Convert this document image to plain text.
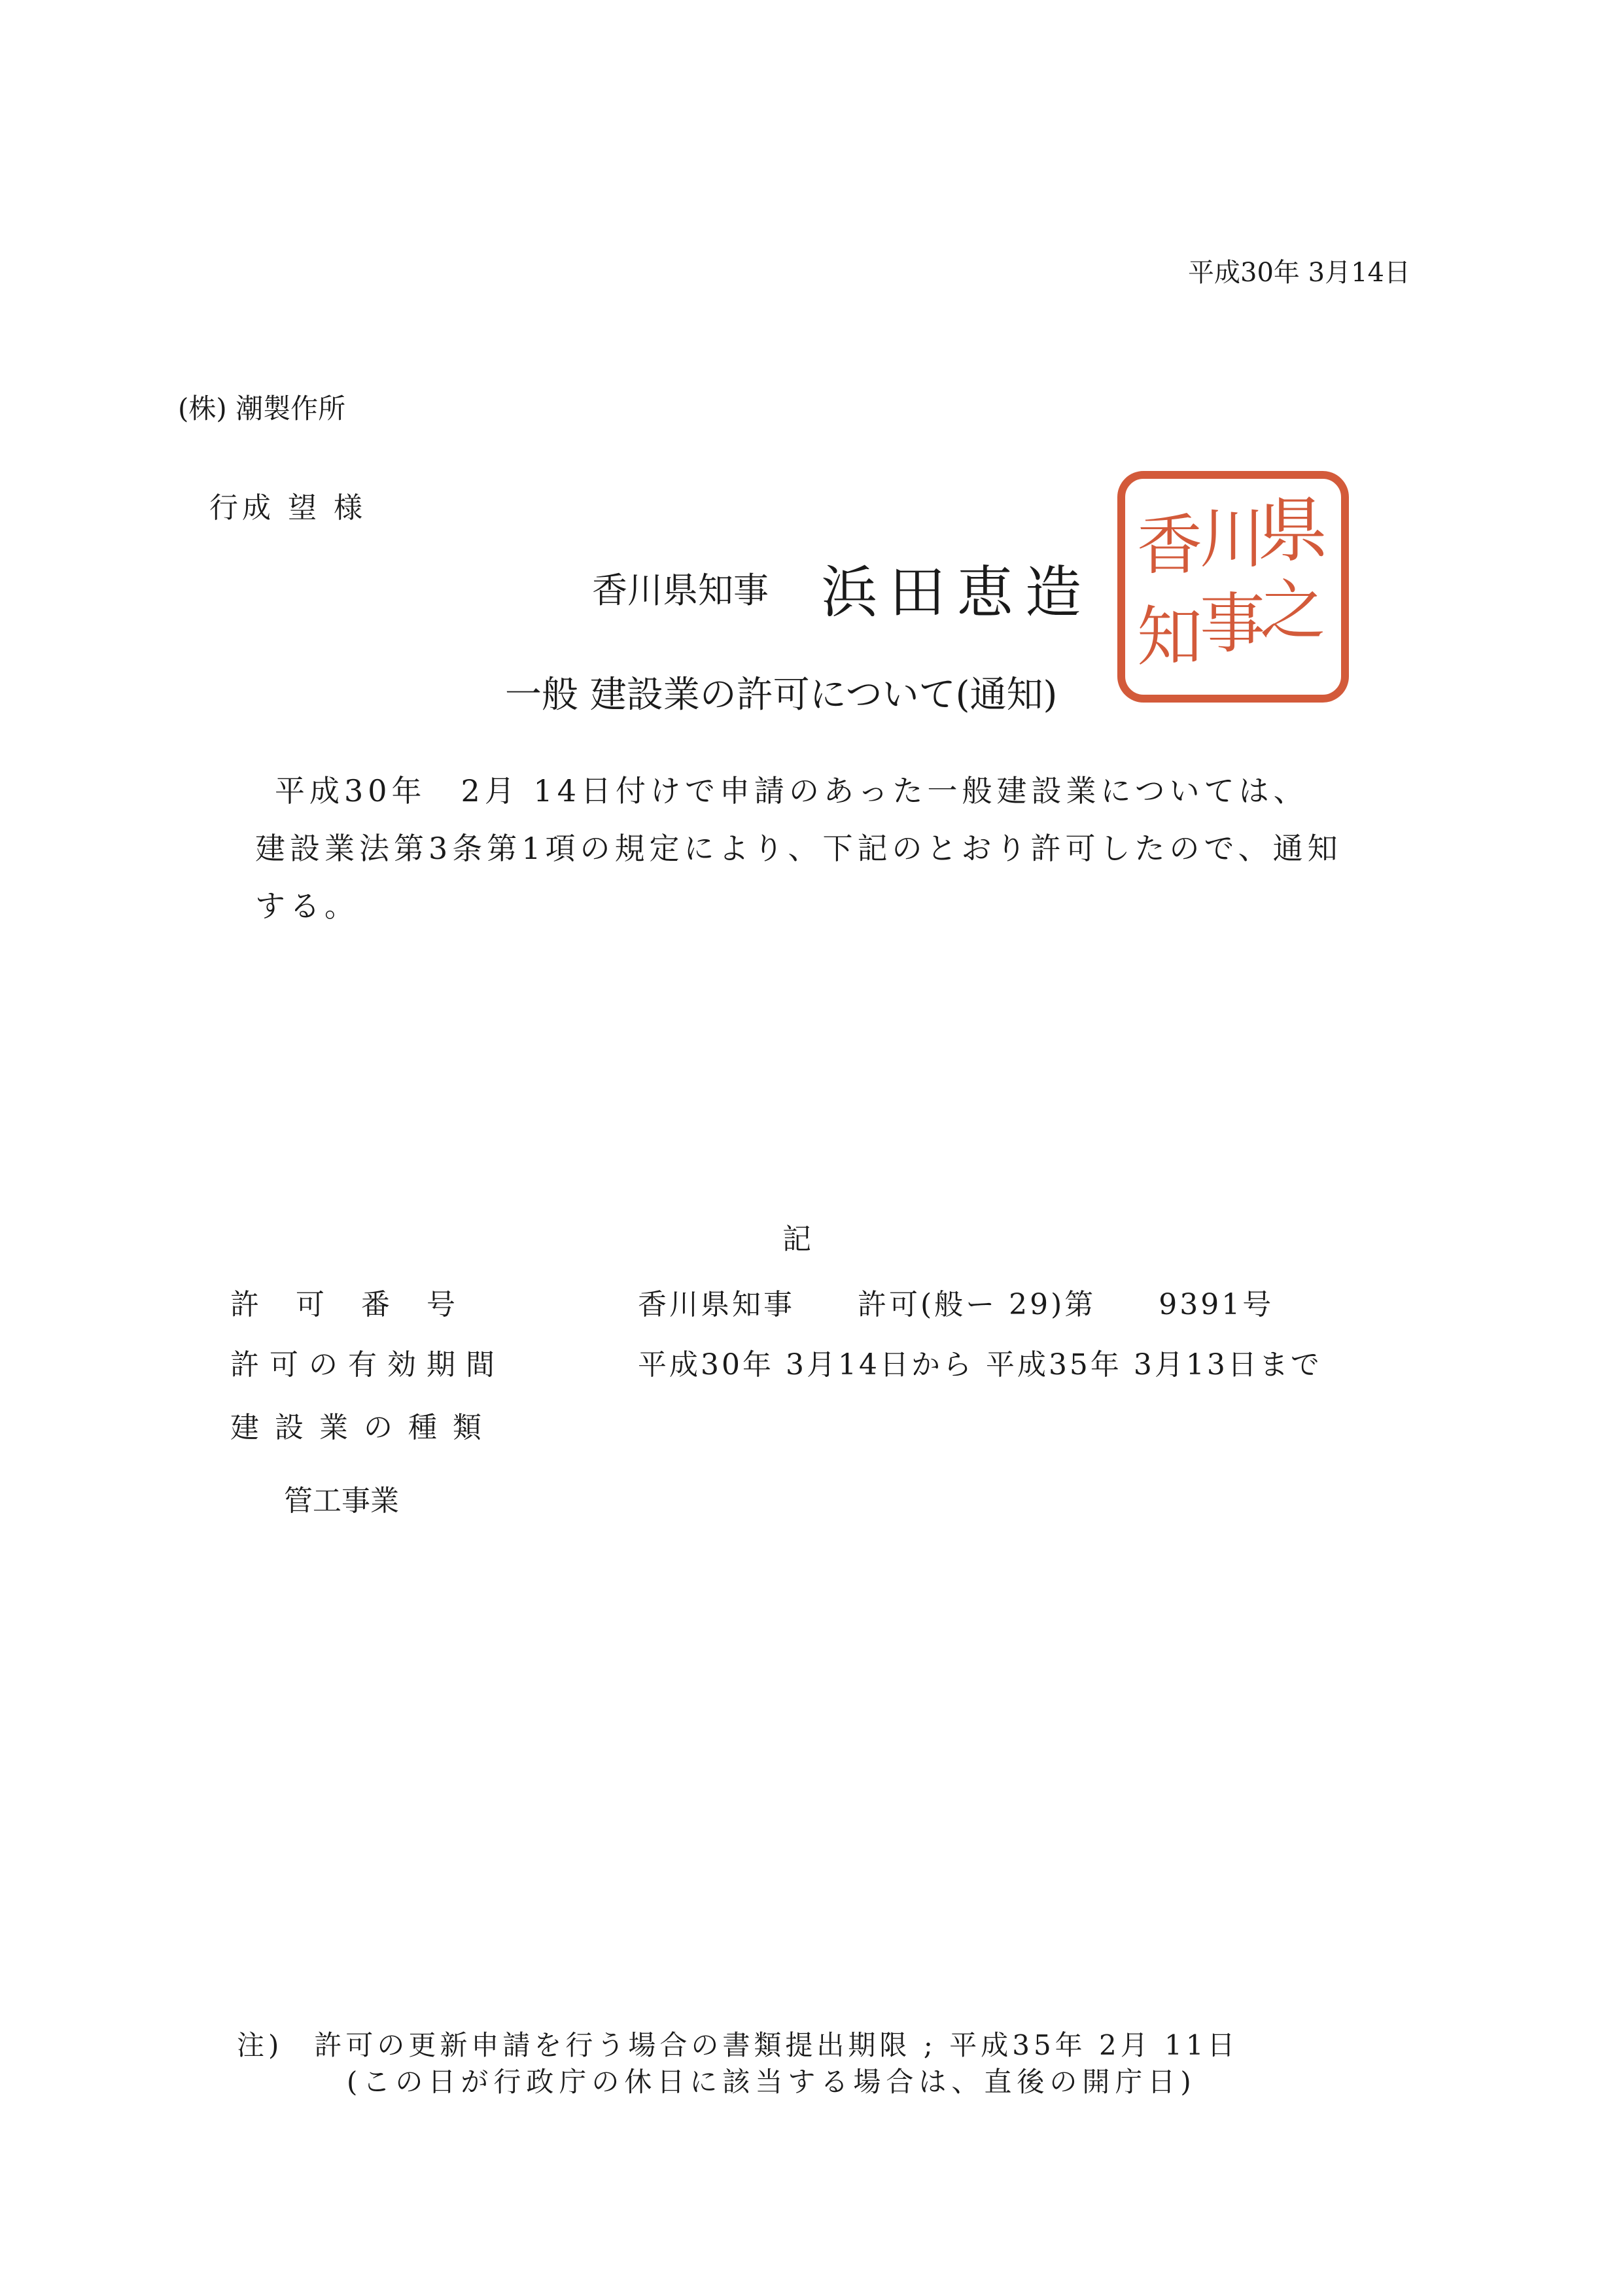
平成30年 3月14日
(株) 潮製作所
行成 望 様
香川県知事 浜田恵造
県
之
川
事
香
知
一般 建設業の許可について(通知)

平成30年　2月 14日付けで申請のあった一般建設業については、

建設業法第3条第1項の規定により、下記のとおり許可したので、通知
する。
記
許可番号	香川県知事　　許可(般ー 29)第　　9391号
許可の有効期間	平成30年 3月14日から 平成35年 3月13日まで
建設業の種類
管工事業
注)　許可の更新申請を行う場合の書類提出期限 ; 平成35年 2月 11日
(この日が行政庁の休日に該当する場合は、直後の開庁日)
